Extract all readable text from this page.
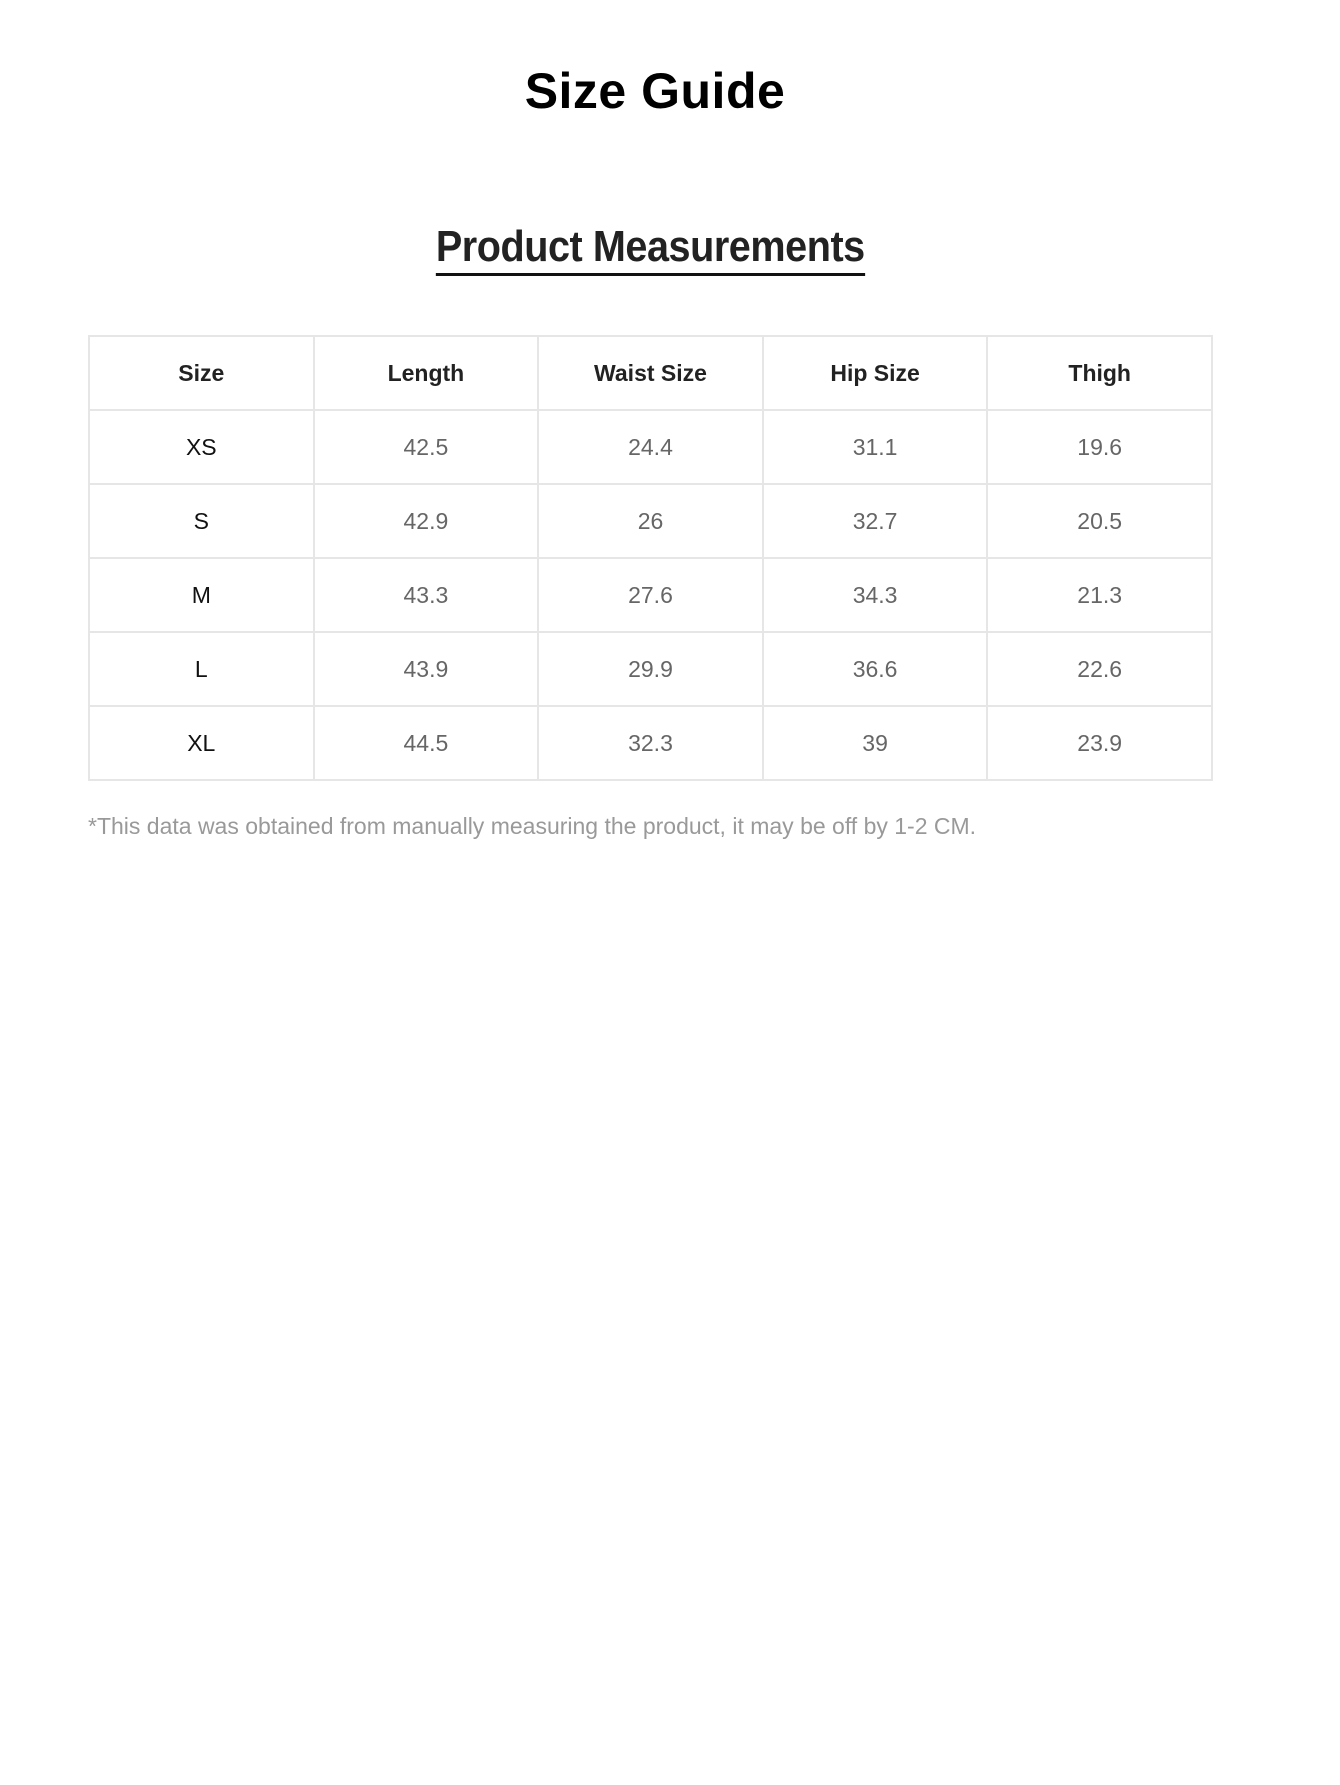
Size Guide
Product Measurements
Size	Length	Waist Size	Hip Size	Thigh
XS	42.5	24.4	31.1	19.6
S	42.9	26	32.7	20.5
M	43.3	27.6	34.3	21.3
L	43.9	29.9	36.6	22.6
XL	44.5	32.3	39	23.9

*This data was obtained from manually measuring the product, it may be off by 1-2 CM.
